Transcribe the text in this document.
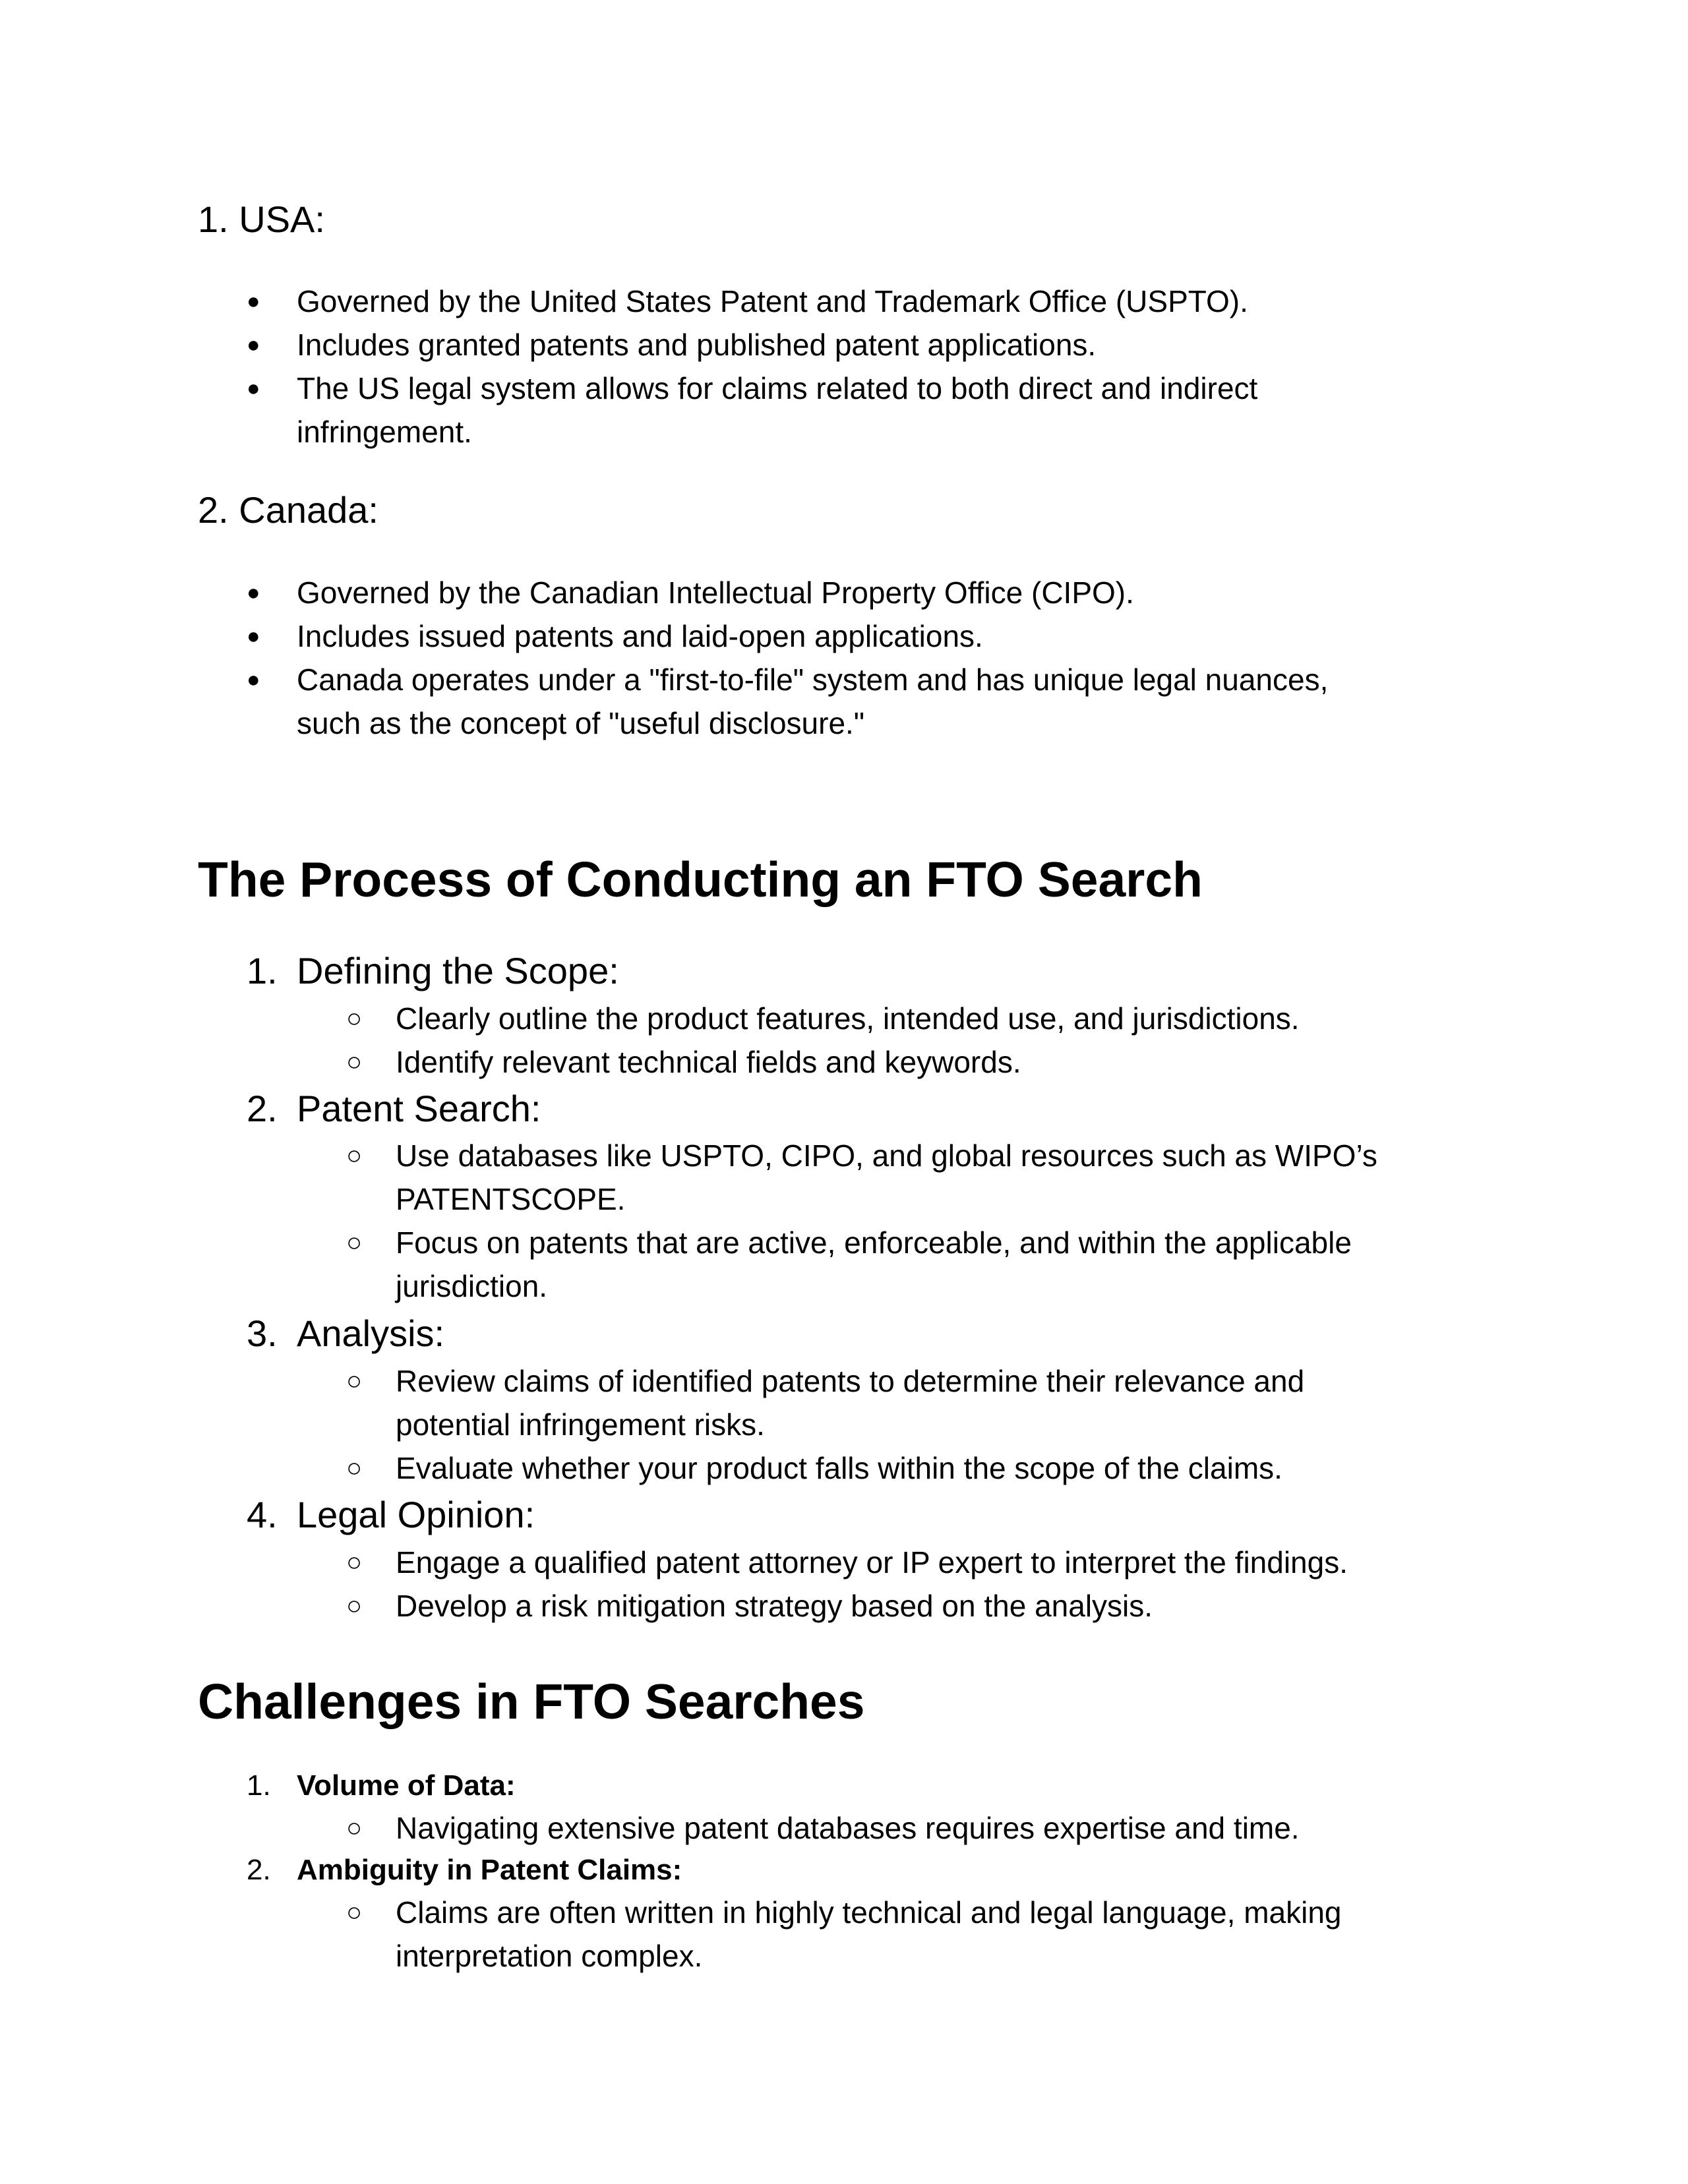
1. USA:
● Governed by the United States Patent and Trademark Office (USPTO).
● Includes granted patents and published patent applications.
● The US legal system allows for claims related to both direct and indirect
infringement.
2. Canada:
● Governed by the Canadian Intellectual Property Office (CIPO).
● Includes issued patents and laid-open applications.
● Canada operates under a "first-to-file" system and has unique legal nuances,
such as the concept of "useful disclosure."
The Process of Conducting an FTO Search
1. Defining the Scope:
○ Clearly outline the product features, intended use, and jurisdictions.
○ Identify relevant technical fields and keywords.
2. Patent Search:
○ Use databases like USPTO, CIPO, and global resources such as WIPO’s
PATENTSCOPE.
○ Focus on patents that are active, enforceable, and within the applicable
jurisdiction.
3. Analysis:
○ Review claims of identified patents to determine their relevance and
potential infringement risks.
○ Evaluate whether your product falls within the scope of the claims.
4. Legal Opinion:
○ Engage a qualified patent attorney or IP expert to interpret the findings.
○ Develop a risk mitigation strategy based on the analysis.
Challenges in FTO Searches
1. Volume of Data:
○ Navigating extensive patent databases requires expertise and time.
2. Ambiguity in Patent Claims:
○ Claims are often written in highly technical and legal language, making
interpretation complex.
